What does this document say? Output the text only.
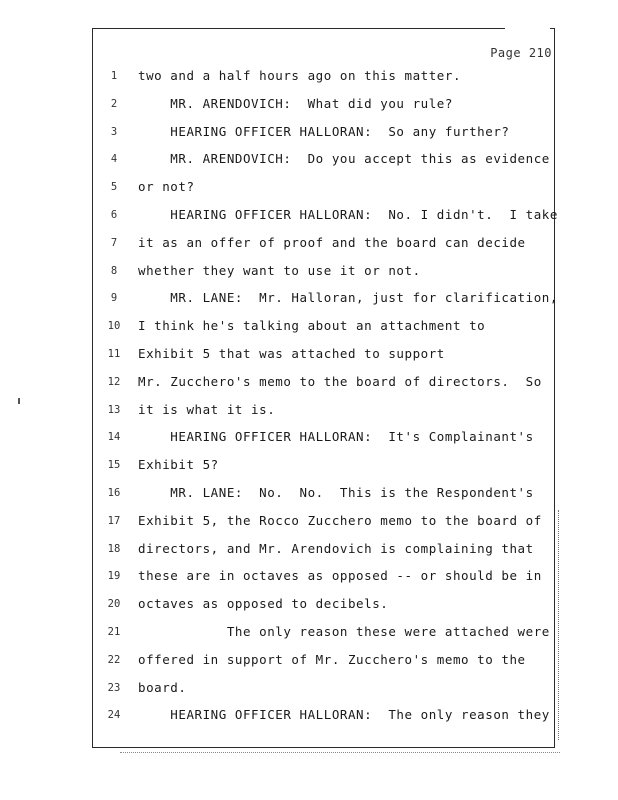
Page 210
1	two and a half hours ago on this matter.
2	MR. ARENDOVICH:  What did you rule?
3	HEARING OFFICER HALLORAN:  So any further?
4	MR. ARENDOVICH:  Do you accept this as evidence
5	or not?
6	HEARING OFFICER HALLORAN:  No. I didn't.  I take
7	it as an offer of proof and the board can decide
8	whether they want to use it or not.
9	MR. LANE:  Mr. Halloran, just for clarification,
10	I think he's talking about an attachment to
11	Exhibit 5 that was attached to support
12	Mr. Zucchero's memo to the board of directors.  So
13	it is what it is.
14	HEARING OFFICER HALLORAN:  It's Complainant's
15	Exhibit 5?
16	MR. LANE:  No.  No.  This is the Respondent's
17	Exhibit 5, the Rocco Zucchero memo to the board of
18	directors, and Mr. Arendovich is complaining that
19	these are in octaves as opposed -- or should be in
20	octaves as opposed to decibels.
21	The only reason these were attached were
22	offered in support of Mr. Zucchero's memo to the
23	board.
24	HEARING OFFICER HALLORAN:  The only reason they
